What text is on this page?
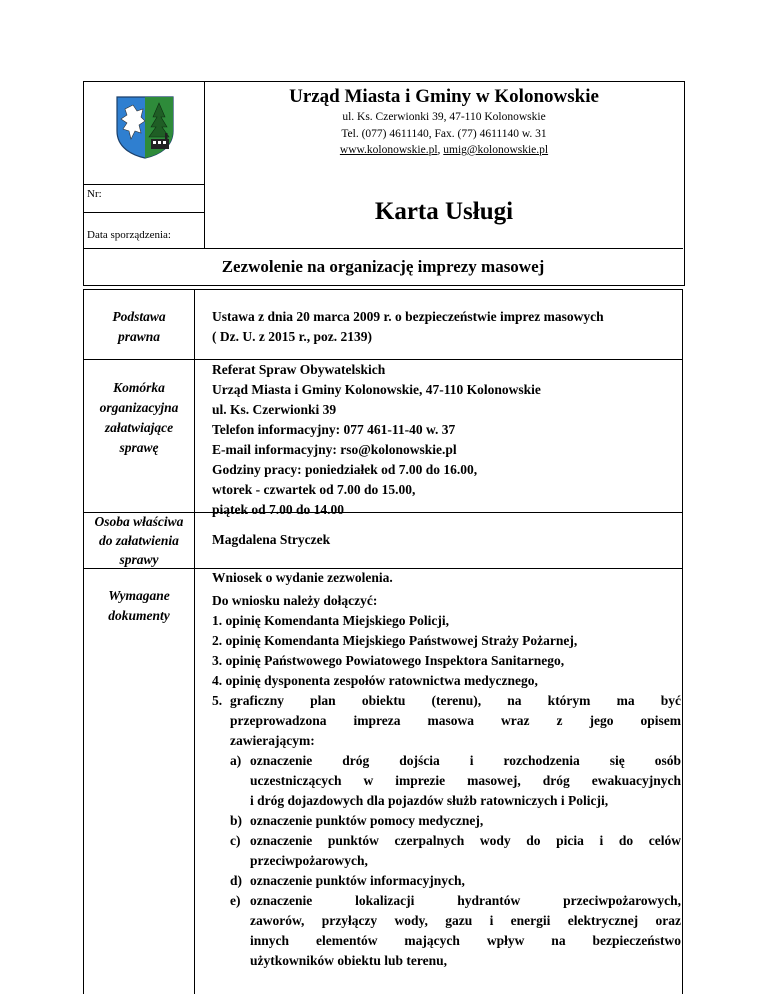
Urząd Miasta i Gminy w Kolonowskie
ul. Ks. Czerwionki 39, 47-110 Kolonowskie
Tel. (077) 4611140, Fax. (77) 4611140 w. 31
www.kolonowskie.pl, umig@kolonowskie.pl
Nr:
Data sporządzenia:
Karta Usługi
Zezwolenie na organizację imprezy masowej
Podstawa
prawna
Ustawa z dnia 20 marca 2009 r. o bezpieczeństwie imprez masowych
( Dz. U. z 2015 r., poz. 2139)
Komórka
organizacyjna
załatwiające
sprawę
Referat Spraw Obywatelskich
Urząd Miasta i Gminy Kolonowskie, 47-110 Kolonowskie
ul. Ks. Czerwionki 39
Telefon informacyjny: 077 461-11-40 w. 37
E-mail informacyjny: rso@kolonowskie.pl
Godziny pracy: poniedziałek od 7.00 do 16.00,
wtorek - czwartek od 7.00 do 15.00,
piątek od 7.00 do 14.00
Osoba właściwa
do załatwienia
sprawy
Magdalena Stryczek
Wymagane
dokumenty
Wniosek o wydanie zezwolenia.
Do wniosku należy dołączyć:
1. opinię Komendanta Miejskiego Policji,
2. opinię Komendanta Miejskiego Państwowej Straży Pożarnej,
3. opinię Państwowego Powiatowego Inspektora Sanitarnego,
4. opinię dysponenta zespołów ratownictwa medycznego,
5. graficzny plan obiektu (terenu), na którym ma być
przeprowadzona impreza masowa wraz z jego opisem
zawierającym:
a) oznaczenie dróg dojścia i rozchodzenia się osób
uczestniczących w imprezie masowej, dróg ewakuacyjnych
i dróg dojazdowych dla pojazdów służb ratowniczych i Policji,
b) oznaczenie punktów pomocy medycznej,
c) oznaczenie punktów czerpalnych wody do picia i do celów
przeciwpożarowych,
d) oznaczenie punktów informacyjnych,
e) oznaczenie lokalizacji hydrantów przeciwpożarowych,
zaworów, przyłączy wody, gazu i energii elektrycznej oraz
innych elementów mających wpływ na bezpieczeństwo
użytkowników obiektu lub terenu,
